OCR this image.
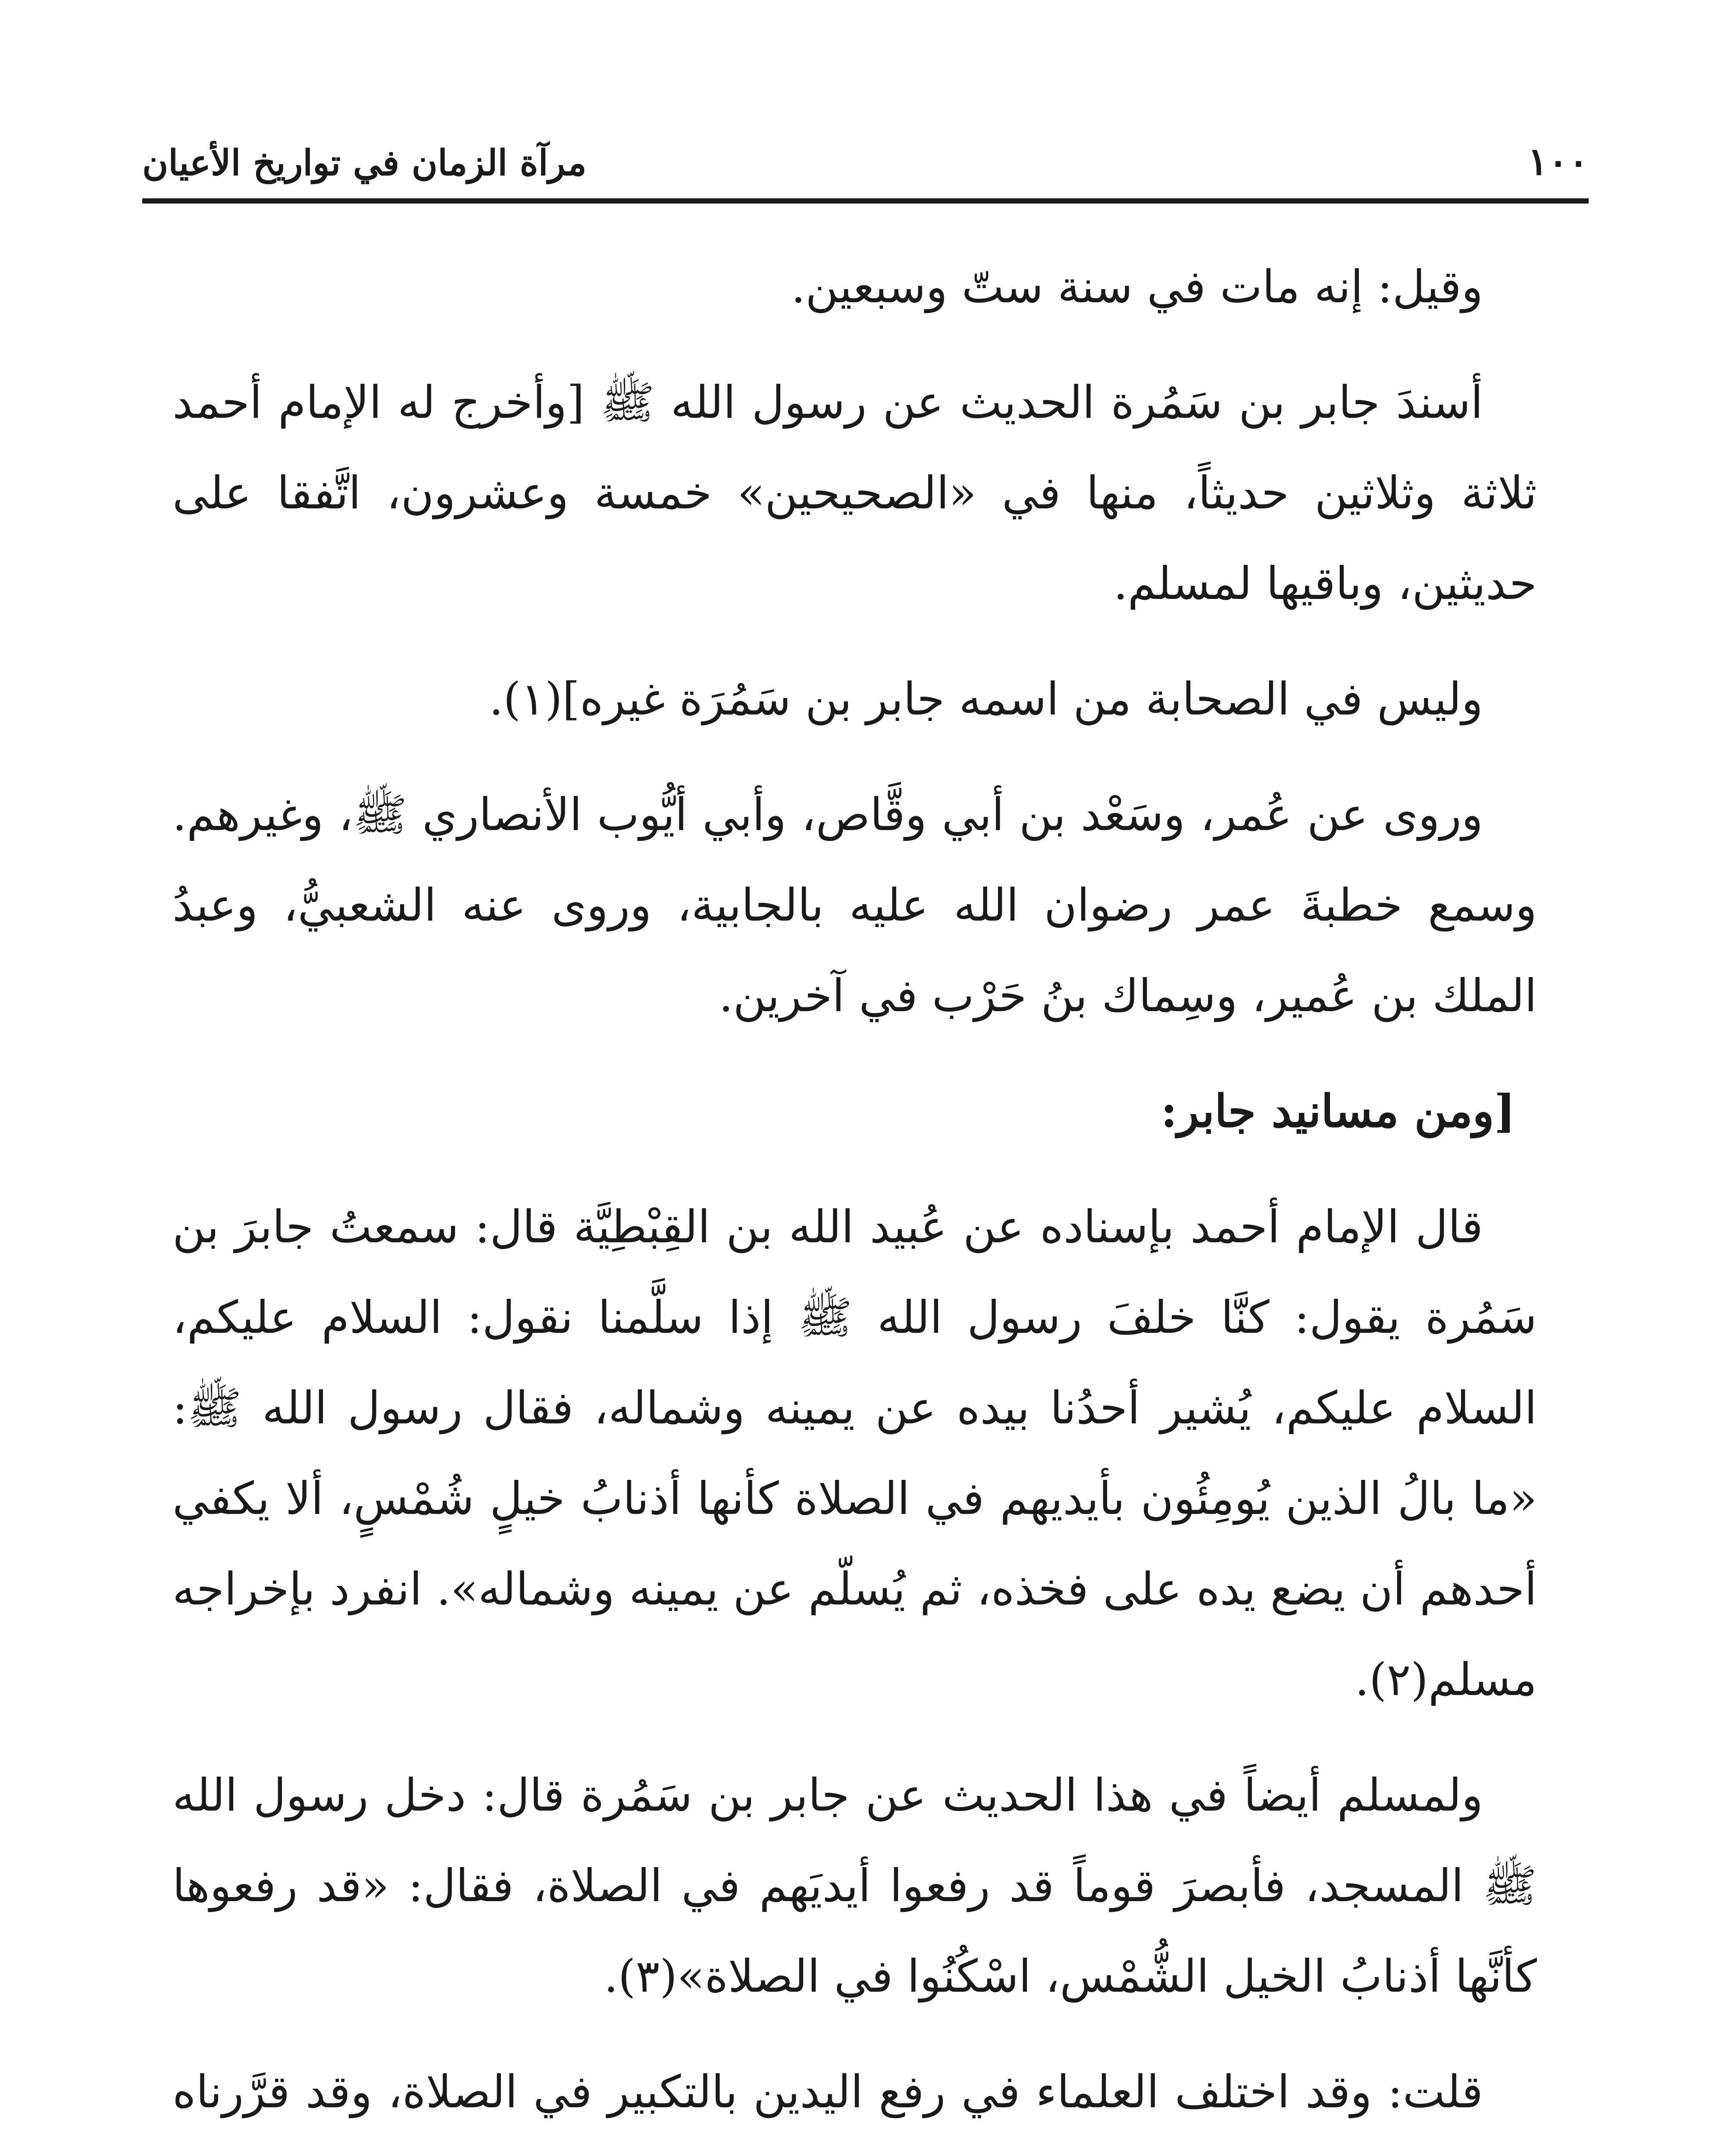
١٠٠
مرآة الزمان في تواريخ الأعيان

وقيل: إنه مات في سنة ستّ وسبعين.

أسندَ جابر بن سَمُرة الحديث عن رسول الله ﷺ [وأخرج له الإمام أحمد ثلاثة وثلاثين حديثاً، منها في «الصحيحين» خمسة وعشرون، اتَّفقا على حديثين، وباقيها لمسلم.

وليس في الصحابة من اسمه جابر بن سَمُرَة غيره](١).

وروى عن عُمر، وسَعْد بن أبي وقَّاص، وأبي أيُّوب الأنصاري ﷺ، وغيرهم. وسمع خطبةَ عمر رضوان الله عليه بالجابية، وروى عنه الشعبيُّ، وعبدُ الملك بن عُمير، وسِماك بنُ حَرْب في آخرين.

[ومن مسانيد جابر:

قال الإمام أحمد بإسناده عن عُبيد الله بن القِبْطِيَّة قال: سمعتُ جابرَ بن سَمُرة يقول: كنَّا خلفَ رسول الله ﷺ إذا سلَّمنا نقول: السلام عليكم، السلام عليكم، يُشير أحدُنا بيده عن يمينه وشماله، فقال رسول الله ﷺ: «ما بالُ الذين يُومِئُون بأيديهم في الصلاة كأنها أذنابُ خيلٍ شُمْسٍ، ألا يكفي أحدهم أن يضع يده على فخذه، ثم يُسلّم عن يمينه وشماله». انفرد بإخراجه مسلم(٢).

ولمسلم أيضاً في هذا الحديث عن جابر بن سَمُرة قال: دخل رسول الله ﷺ المسجد، فأبصرَ قوماً قد رفعوا أيديَهم في الصلاة، فقال: «قد رفعوها كأنَّها أذنابُ الخيل الشُّمْس، اسْكُنُوا في الصلاة»(٣).

قلت: وقد اختلف العلماء في رفع اليدين بالتكبير في الصلاة، وقد قرَّرناه
